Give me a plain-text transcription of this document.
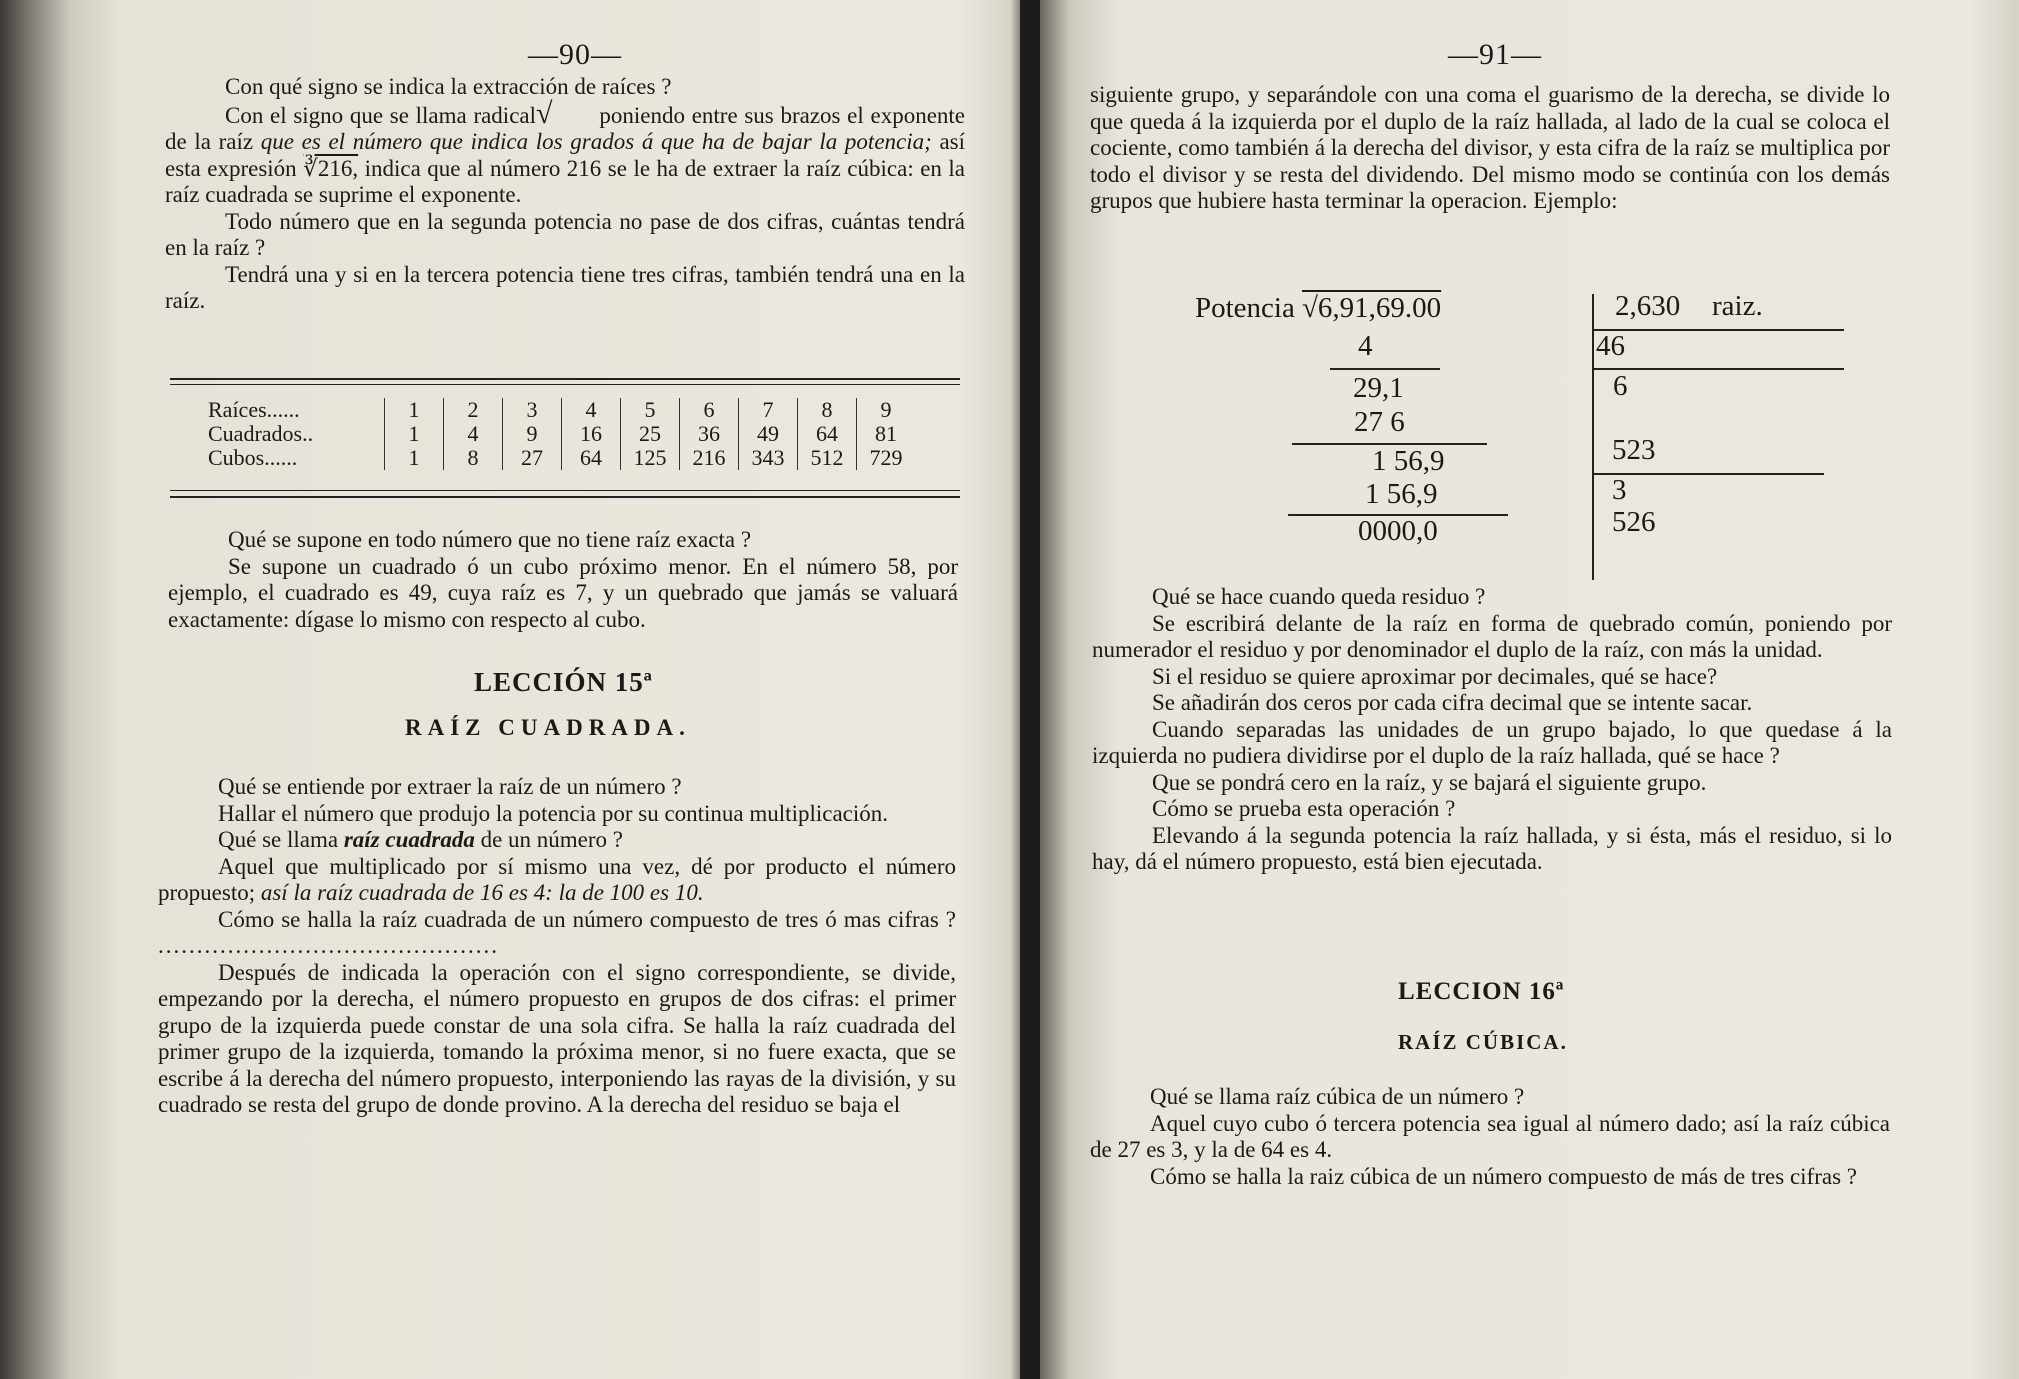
—90—

Con qué signo se indica la extracción de raíces ?

Con el signo que se llama radical√ poniendo entre sus brazos el exponente de la raíz que es el número que indica los grados á que ha de bajar la potencia; así esta expresión ∛216, indica que al número 216 se le ha de extraer la raíz cúbica: en la raíz cuadrada se suprime el exponente.

Todo número que en la segunda potencia no pase de dos cifras, cuántas tendrá en la raíz ?

Tendrá una y si en la tercera potencia tiene tres cifras, también tendrá una en la raíz.

Raíces......	1	2	3	4	5	6	7	8	9
Cuadrados..	1	4	9	16	25	36	49	64	81
Cubos......	1	8	27	64	125	216	343	512	729

Qué se supone en todo número que no tiene raíz exacta ?

Se supone un cuadrado ó un cubo próximo menor. En el número 58, por ejemplo, el cuadrado es 49, cuya raíz es 7, y un quebrado que jamás se valuará exactamente: dígase lo mismo con respecto al cubo.

LECCIÓN 15ª
RAÍZ CUADRADA.

Qué se entiende por extraer la raíz de un número ?

Hallar el número que produjo la potencia por su continua multiplicación.

Qué se llama raíz cuadrada de un número ?

Aquel que multiplicado por sí mismo una vez, dé por producto el número propuesto; así la raíz cuadrada de 16 es 4: la de 100 es 10.

Cómo se halla la raíz cuadrada de un número compuesto de tres ó mas cifras ? ............................................

Después de indicada la operación con el signo correspondiente, se divide, empezando por la derecha, el número propuesto en grupos de dos cifras: el primer grupo de la izquierda puede constar de una sola cifra. Se halla la raíz cuadrada del primer grupo de la izquierda, tomando la próxima menor, si no fuere exacta, que se escribe á la derecha del número propuesto, interponiendo las rayas de la división, y su cuadrado se resta del grupo de donde provino. A la derecha del residuo se baja el

—91—

siguiente grupo, y separándole con una coma el guarismo de la derecha, se divide lo que queda á la izquierda por el duplo de la raíz hallada, al lado de la cual se coloca el cociente, como también á la derecha del divisor, y esta cifra de la raíz se multiplica por todo el divisor y se resta del dividendo. Del mismo modo se continúa con los demás grupos que hubiere hasta terminar la operacion. Ejemplo:

Potencia √6,91,69.00
4
29,1
27 6
1 56,9
1 56,9
0000,0
2,630 raiz.
46
6
523
3
526

Qué se hace cuando queda residuo ?

Se escribirá delante de la raíz en forma de quebrado común, poniendo por numerador el residuo y por denominador el duplo de la raíz, con más la unidad.

Si el residuo se quiere aproximar por decimales, qué se hace?

Se añadirán dos ceros por cada cifra decimal que se intente sacar.

Cuando separadas las unidades de un grupo bajado, lo que quedase á la izquierda no pudiera dividirse por el duplo de la raíz hallada, qué se hace ?

Que se pondrá cero en la raíz, y se bajará el siguiente grupo.

Cómo se prueba esta operación ?

Elevando á la segunda potencia la raíz hallada, y si ésta, más el residuo, si lo hay, dá el número propuesto, está bien ejecutada.

LECCION 16ª
RAÍZ CÚBICA.

Qué se llama raíz cúbica de un número ?

Aquel cuyo cubo ó tercera potencia sea igual al número dado; así la raíz cúbica de 27 es 3, y la de 64 es 4.

Cómo se halla la raiz cúbica de un número compuesto de más de tres cifras ?
